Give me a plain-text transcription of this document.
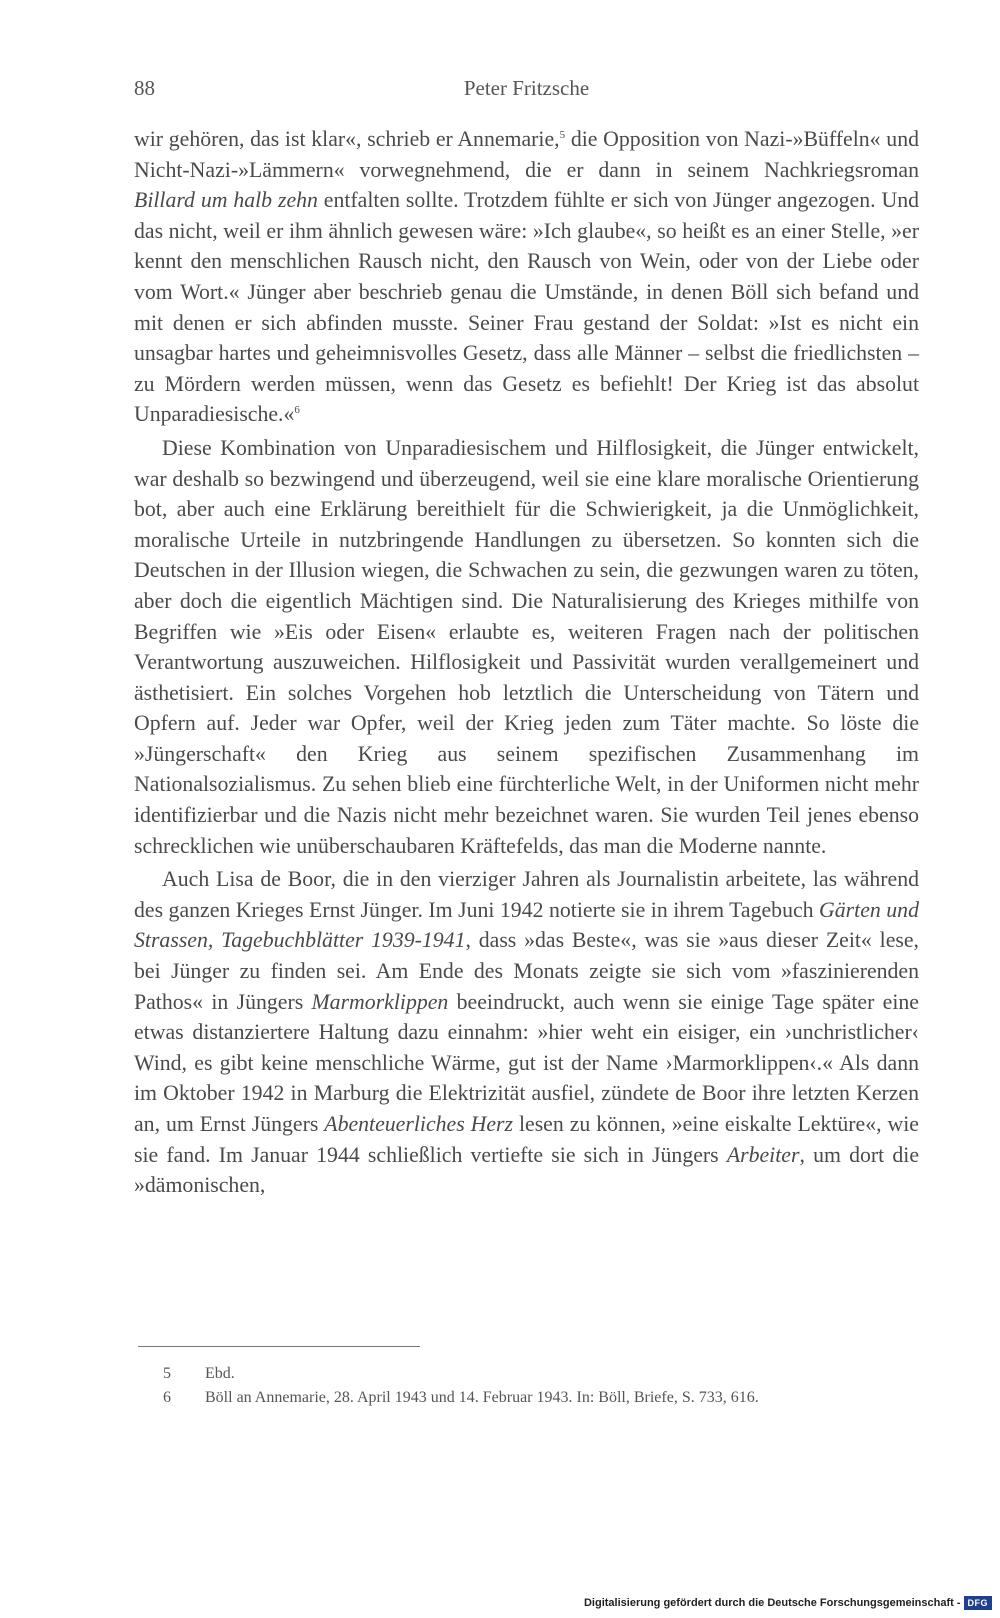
88	Peter Fritzsche

wir gehören, das ist klar«, schrieb er Annemarie,$^5$ die Opposition von Nazi-»Büffeln« und Nicht-Nazi-»Lämmern« vorwegnehmend, die er dann in seinem Nachkriegsroman Billard um halb zehn entfalten sollte. Trotzdem fühlte er sich von Jünger angezogen. Und das nicht, weil er ihm ähnlich gewesen wäre: »Ich glaube«, so heißt es an einer Stelle, »er kennt den menschlichen Rausch nicht, den Rausch von Wein, oder von der Liebe oder vom Wort.« Jünger aber beschrieb genau die Umstände, in denen Böll sich befand und mit denen er sich abfinden musste. Seiner Frau gestand der Soldat: »Ist es nicht ein unsagbar hartes und geheimnisvolles Gesetz, dass alle Männer – selbst die friedlichsten – zu Mördern werden müssen, wenn das Gesetz es befiehlt! Der Krieg ist das absolut Unparadiesische.«$^6$

Diese Kombination von Unparadiesischem und Hilflosigkeit, die Jünger entwickelt, war deshalb so bezwingend und überzeugend, weil sie eine klare moralische Orientierung bot, aber auch eine Erklärung bereithielt für die Schwierigkeit, ja die Unmöglichkeit, moralische Urteile in nutzbringende Handlungen zu übersetzen. So konnten sich die Deutschen in der Illusion wiegen, die Schwachen zu sein, die gezwungen waren zu töten, aber doch die eigentlich Mächtigen sind. Die Naturalisierung des Krieges mithilfe von Begriffen wie »Eis oder Eisen« erlaubte es, weiteren Fragen nach der politischen Verantwortung auszuweichen. Hilflosigkeit und Passivität wurden verallgemeinert und ästhetisiert. Ein solches Vorgehen hob letztlich die Unterscheidung von Tätern und Opfern auf. Jeder war Opfer, weil der Krieg jeden zum Täter machte. So löste die »Jüngerschaft« den Krieg aus seinem spezifischen Zusammenhang im Nationalsozialismus. Zu sehen blieb eine fürchterliche Welt, in der Uniformen nicht mehr identifizierbar und die Nazis nicht mehr bezeichnet waren. Sie wurden Teil jenes ebenso schrecklichen wie unüberschaubaren Kräftefelds, das man die Moderne nannte.

Auch Lisa de Boor, die in den vierziger Jahren als Journalistin arbeitete, las während des ganzen Krieges Ernst Jünger. Im Juni 1942 notierte sie in ihrem Tagebuch Gärten und Strassen, Tagebuchblätter 1939-1941, dass »das Beste«, was sie »aus dieser Zeit« lese, bei Jünger zu finden sei. Am Ende des Monats zeigte sie sich vom »faszinierenden Pathos« in Jüngers Marmorklippen beeindruckt, auch wenn sie einige Tage später eine etwas distanziertere Haltung dazu einnahm: »hier weht ein eisiger, ein ›unchristlicher‹ Wind, es gibt keine menschliche Wärme, gut ist der Name ›Marmorklippen‹.« Als dann im Oktober 1942 in Marburg die Elektrizität ausfiel, zündete de Boor ihre letzten Kerzen an, um Ernst Jüngers Abenteuerliches Herz lesen zu können, »eine eiskalte Lektüre«, wie sie fand. Im Januar 1944 schließlich vertiefte sie sich in Jüngers Arbeiter, um dort die »dämonischen,

5	Ebd.
6	Böll an Annemarie, 28. April 1943 und 14. Februar 1943. In: Böll, Briefe, S. 733, 616.
Digitalisierung gefördert durch die Deutsche Forschungsgemeinschaft - DFG
